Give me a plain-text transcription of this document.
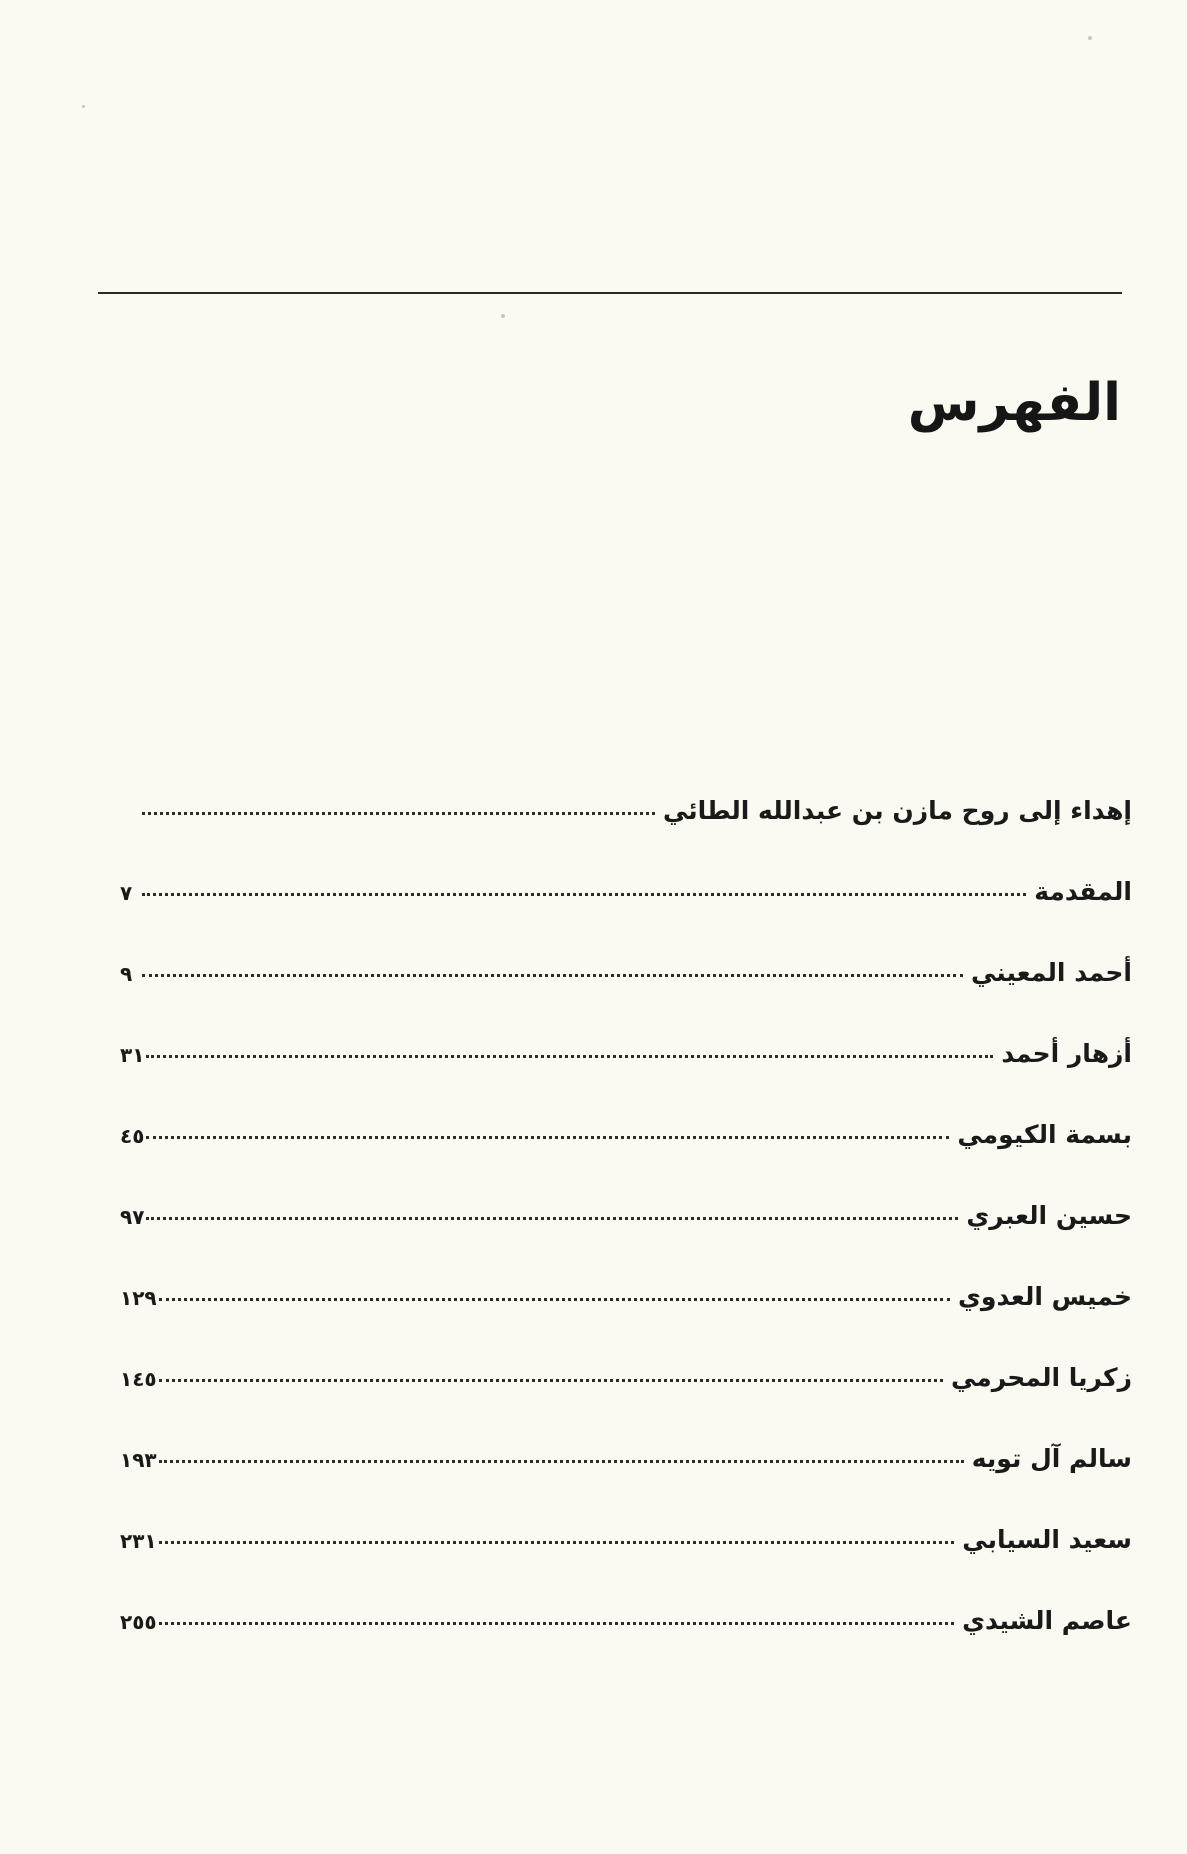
الفهرس
إهداء إلى روح مازن بن عبدالله الطائي
المقدمة
٧
أحمد المعيني
٩
أزهار أحمد
٣١
بسمة الكيومي
٤٥
حسين العبري
٩٧
خميس العدوي
١٢٩
زكريا المحرمي
١٤٥
سالم آل تويه
١٩٣
سعيد السيابي
٢٣١
عاصم الشيدي
٢٥٥
